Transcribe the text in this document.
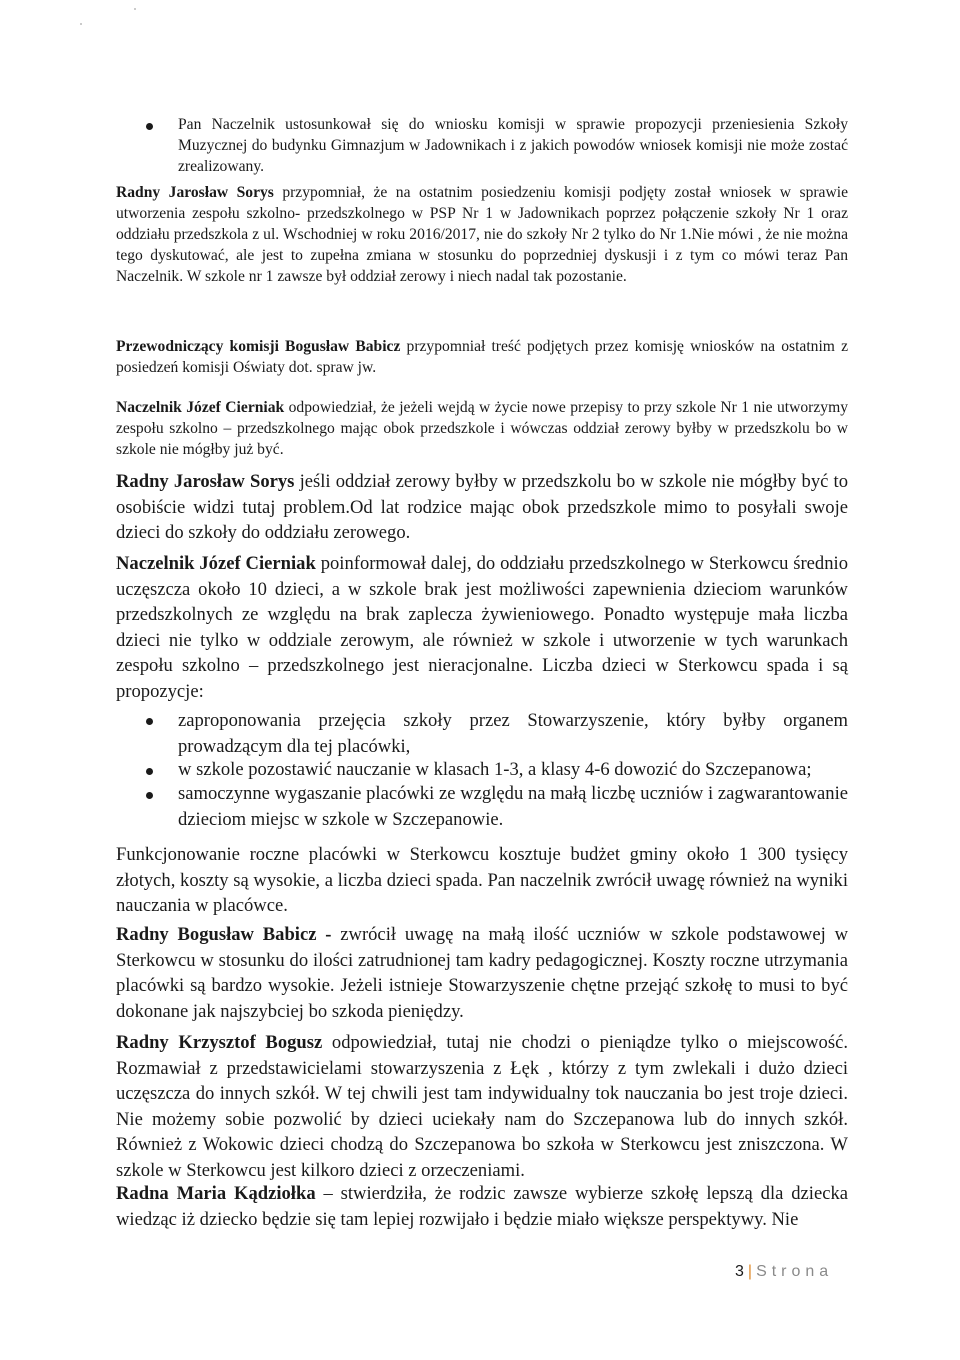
Pan Naczelnik ustosunkował się do wniosku komisji w sprawie propozycji przeniesienia Szkoły Muzycznej do budynku Gimnazjum w Jadownikach i z jakich powodów wniosek komisji nie może zostać zrealizowany.
Radny Jarosław Sorys przypomniał, że na ostatnim posiedzeniu komisji podjęty został wniosek w sprawie utworzenia zespołu szkolno- przedszkolnego w PSP Nr 1 w Jadownikach poprzez połączenie szkoły Nr 1 oraz oddziału przedszkola z ul. Wschodniej w roku 2016/2017, nie do szkoły Nr 2 tylko do Nr 1.Nie mówi , że nie można tego dyskutować, ale jest to zupełna zmiana w stosunku do poprzedniej dyskusji i z tym co mówi teraz Pan Naczelnik. W szkole nr 1 zawsze był oddział zerowy i niech nadal tak pozostanie.
Przewodniczący komisji Bogusław Babicz przypomniał treść podjętych przez komisję wniosków na ostatnim z posiedzeń komisji Oświaty dot. spraw jw.
Naczelnik Józef Cierniak odpowiedział, że jeżeli wejdą w życie nowe przepisy to przy szkole Nr 1 nie utworzymy zespołu szkolno – przedszkolnego mając obok przedszkole i wówczas oddział zerowy byłby w przedszkolu bo w szkole nie mógłby już być.
Radny Jarosław Sorys jeśli oddział zerowy byłby w przedszkolu bo w szkole nie mógłby być to osobiście widzi tutaj problem.Od lat rodzice mając obok przedszkole mimo to posyłali swoje dzieci do szkoły do oddziału zerowego.
Naczelnik Józef Cierniak poinformował dalej, do oddziału przedszkolnego w Sterkowcu średnio uczęszcza około 10 dzieci, a w szkole brak jest możliwości zapewnienia dzieciom warunków przedszkolnych ze względu na brak zaplecza żywieniowego. Ponadto występuje mała liczba dzieci nie tylko w oddziale zerowym, ale również w szkole i utworzenie w tych warunkach zespołu szkolno – przedszkolnego jest nieracjonalne. Liczba dzieci w Sterkowcu spada i są propozycje:
zaproponowania przejęcia szkoły przez Stowarzyszenie, który byłby organem prowadzącym dla tej placówki,
w szkole pozostawić nauczanie w klasach 1-3, a klasy 4-6 dowozić do Szczepanowa;
samoczynne wygaszanie placówki ze względu na małą liczbę uczniów i zagwarantowanie dzieciom miejsc w szkole w Szczepanowie.
Funkcjonowanie roczne placówki w Sterkowcu kosztuje budżet gminy około 1 300 tysięcy złotych, koszty są wysokie, a liczba dzieci spada. Pan naczelnik zwrócił uwagę również na wyniki nauczania w placówce.
Radny Bogusław Babicz - zwrócił uwagę na małą ilość uczniów w szkole podstawowej w Sterkowcu w stosunku do ilości zatrudnionej tam kadry pedagogicznej. Koszty roczne utrzymania placówki są bardzo wysokie. Jeżeli istnieje Stowarzyszenie chętne przejąć szkołę to musi to być dokonane jak najszybciej bo szkoda pieniędzy.
Radny Krzysztof Bogusz odpowiedział, tutaj nie chodzi o pieniądze tylko o miejscowość. Rozmawiał z przedstawicielami stowarzyszenia z Łęk , którzy z tym zwlekali i dużo dzieci uczęszcza do innych szkół. W tej chwili jest tam indywidualny tok nauczania bo jest troje dzieci. Nie możemy sobie pozwolić by dzieci uciekały nam do Szczepanowa lub do innych szkół. Również z Wokowic dzieci chodzą do Szczepanowa bo szkoła w Sterkowcu jest zniszczona. W szkole w Sterkowcu jest kilkoro dzieci z orzeczeniami.
Radna Maria Kądziołka – stwierdziła, że rodzic zawsze wybierze szkołę lepszą dla dziecka wiedząc iż dziecko będzie się tam lepiej rozwijało i będzie miało większe perspektywy. Nie
3 | Strona
